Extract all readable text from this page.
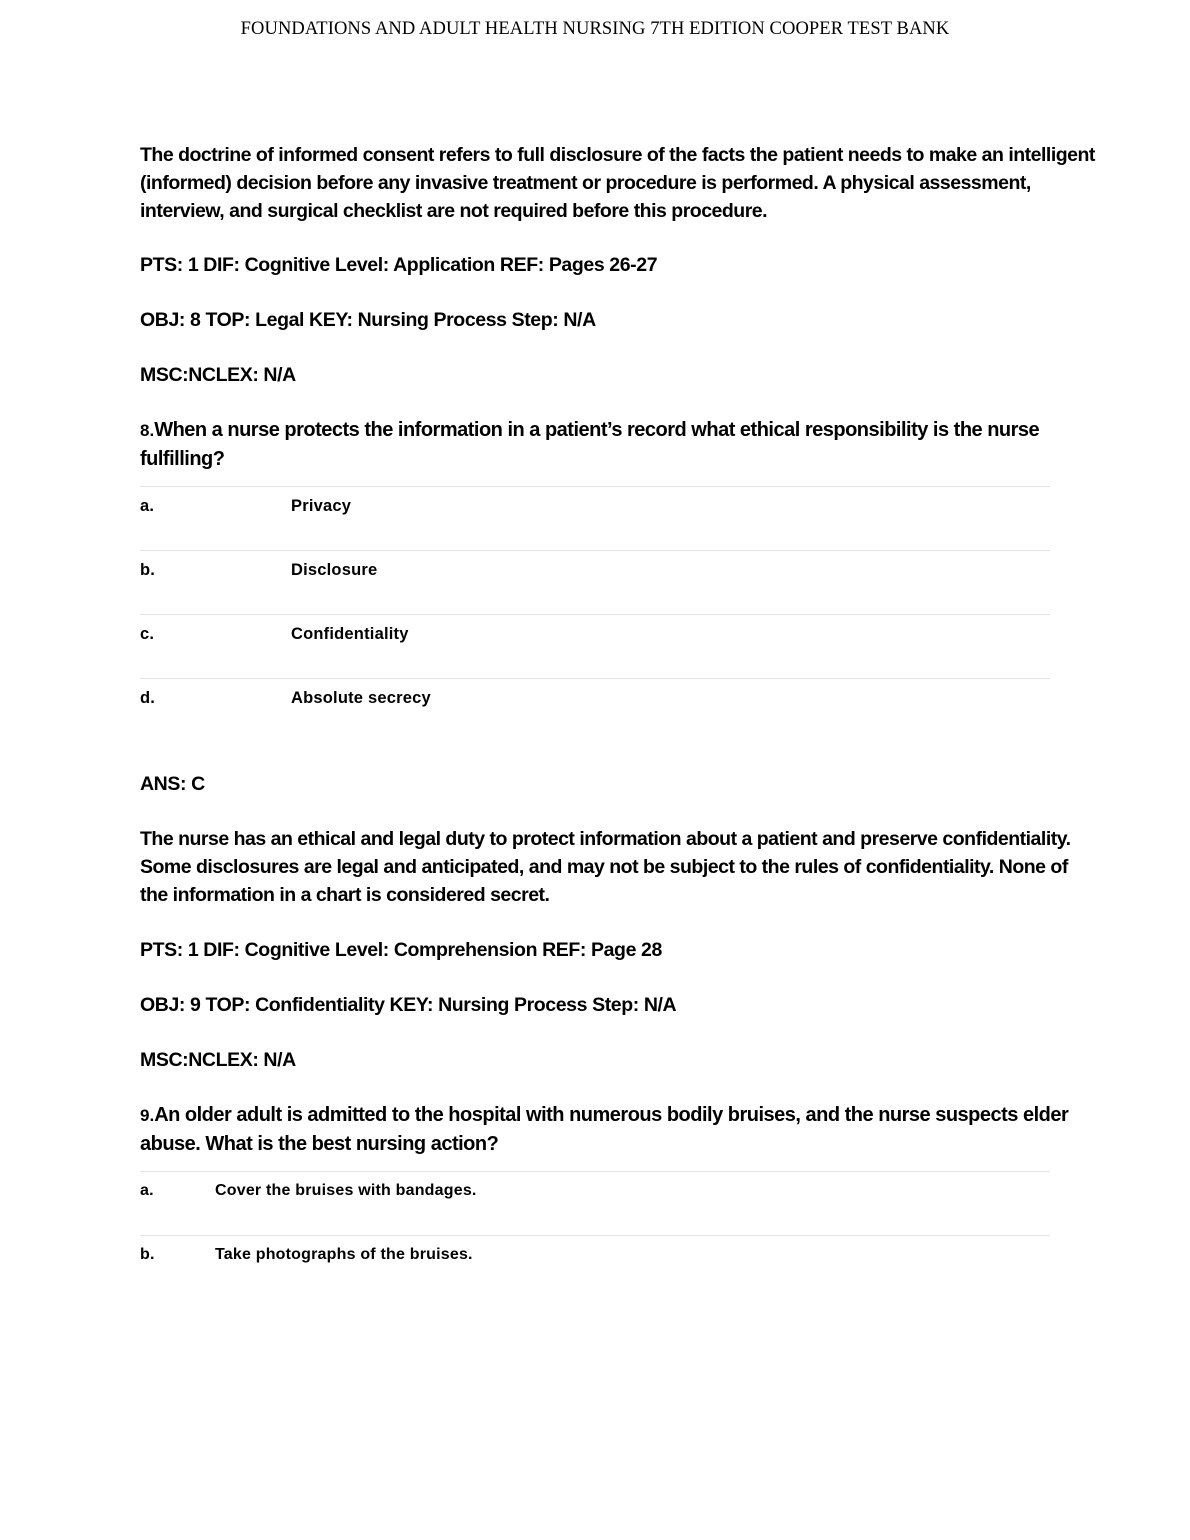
FOUNDATIONS AND ADULT HEALTH NURSING 7TH EDITION COOPER TEST BANK

The doctrine of informed consent refers to full disclosure of the facts the patient needs to make an intelligent (informed) decision before any invasive treatment or procedure is performed. A physical assessment, interview, and surgical checklist are not required before this procedure.

PTS: 1 DIF: Cognitive Level: Application REF: Pages 26-27

OBJ: 8 TOP: Legal KEY: Nursing Process Step: N/A

MSC:NCLEX: N/A

8.When a nurse protects the information in a patient’s record what ethical responsibility is the nurse fulfilling?

a.	Privacy
b.	Disclosure
c.	Confidentiality
d.	Absolute secrecy

ANS: C

The nurse has an ethical and legal duty to protect information about a patient and preserve confidentiality. Some disclosures are legal and anticipated, and may not be subject to the rules of confidentiality. None of the information in a chart is considered secret.

PTS: 1 DIF: Cognitive Level: Comprehension REF: Page 28

OBJ: 9 TOP: Confidentiality KEY: Nursing Process Step: N/A

MSC:NCLEX: N/A

9.An older adult is admitted to the hospital with numerous bodily bruises, and the nurse suspects elder abuse. What is the best nursing action?

a.	Cover the bruises with bandages.
b.	Take photographs of the bruises.
